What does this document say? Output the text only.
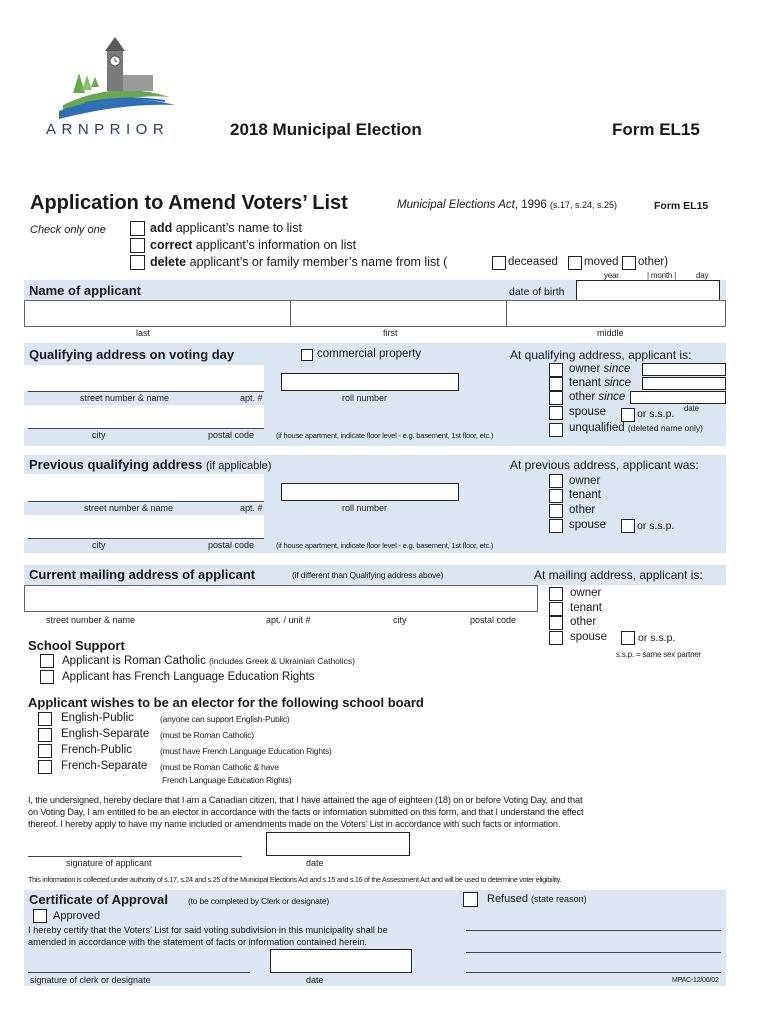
ARNPRIOR	2018 Municipal Election	Form EL15
Application to Amend Voters’ List	Municipal Elections Act, 1996 (s.17, s.24, s.25)	Form EL15
Check only one	add applicant’s name to list
correct applicant’s information on list
delete applicant’s or family member’s name from list (	deceased moved other)
year	| month | day
Name of applicant	date of birth
last	first	middle
Qualifying address on voting day	commercial property	At qualifying address, applicant is:
street number & name	apt. #	roll number
city	postal code	(if house apartment, indicate floor level - e.g. basement, 1st floor, etc.)
owner since
tenant since
other since
spouse	or s.s.p. date
unqualified (deleted name only)
Previous qualifying address (if applicable)	At previous address, applicant was:
street number & name	apt. #	roll number
city	postal code	(if house apartment, indicate floor level - e.g. basement, 1st floor, etc.)
owner
tenant
other
spouse	or s.s.p.
Current mailing address of applicant	(if different than Qualifying address above)	At mailing address, applicant is:
street number & name	apt. / unit #	city	postal code
owner
tenant
other
spouse	or s.s.p.
s.s.p. = same sex partner
School Support
Applicant is Roman Catholic (includes Greek & Ukrainian Catholics)
Applicant has French Language Education Rights
Applicant wishes to be an elector for the following school board
English-Public	(anyone can support English-Public)
English-Separate (must be Roman Catholic)
French-Public	(must have French Language Education Rights)
French-Separate (must be Roman Catholic & have
French Language Education Rights)
I, the undersigned, hereby declare that I am a Canadian citizen, that I have attained the age of eighteen (18) on or before Voting Day, and that
on Voting Day, I am entitled to be an elector in accordance with the facts or information submitted on this form, and that I understand the effect
thereof. I hereby apply to have my name included or amendments made on the Voters’ List in accordance with such facts or information.
signature of applicant	date
This information is collected under authority of s.17, s.24 and s.25 of the Municipal Elections Act and s.15 and s.16 of the Assessment Act and will be used to determine voter eligibility.
Certificate of Approval (to be completed by Clerk or designate)
Approved
Refused (state reason)
I hereby certify that the Voters’ List for said voting subdivision in this municipality shall be
amended in accordance with the statement of facts or information contained herein.
signature of clerk or designate	date	MPAC-12/06/02
